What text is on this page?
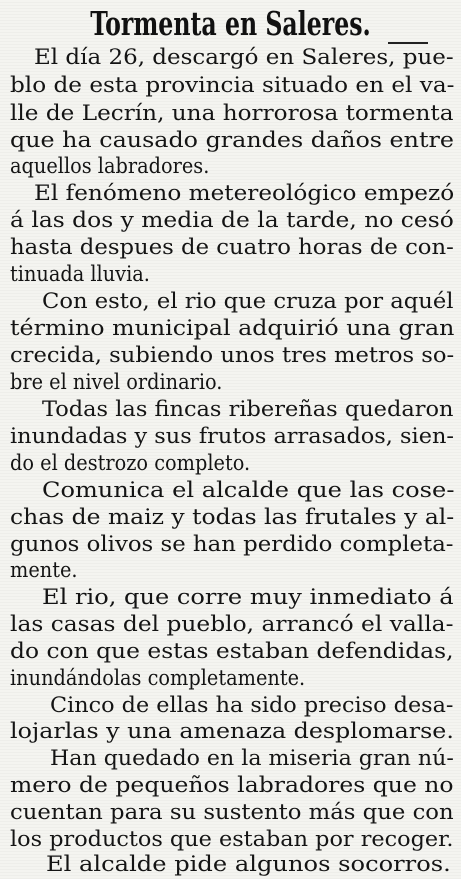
Tormenta en Saleres.
El día 26, descargó en Saleres, pue-
blo de esta provincia situado en el va-
lle de Lecrín, una horrorosa tormenta
que ha causado grandes daños entre
aquellos labradores.
El fenómeno metereológico empezó
á las dos y media de la tarde, no cesó
hasta despues de cuatro horas de con-
tinuada lluvia.
Con esto, el rio que cruza por aquél
término municipal adquirió una gran
crecida, subiendo unos tres metros so-
bre el nivel ordinario.
Todas las fincas ribereñas quedaron
inundadas y sus frutos arrasados, sien-
do el destrozo completo.
Comunica el alcalde que las cose-
chas de maiz y todas las frutales y al-
gunos olivos se han perdido completa-
mente.
El rio, que corre muy inmediato á
las casas del pueblo, arrancó el valla-
do con que estas estaban defendidas,
inundándolas completamente.
Cinco de ellas ha sido preciso desa-
lojarlas y una amenaza desplomarse.
Han quedado en la miseria gran nú-
mero de pequeños labradores que no
cuentan para su sustento más que con
los productos que estaban por recoger.
El alcalde pide algunos socorros.
